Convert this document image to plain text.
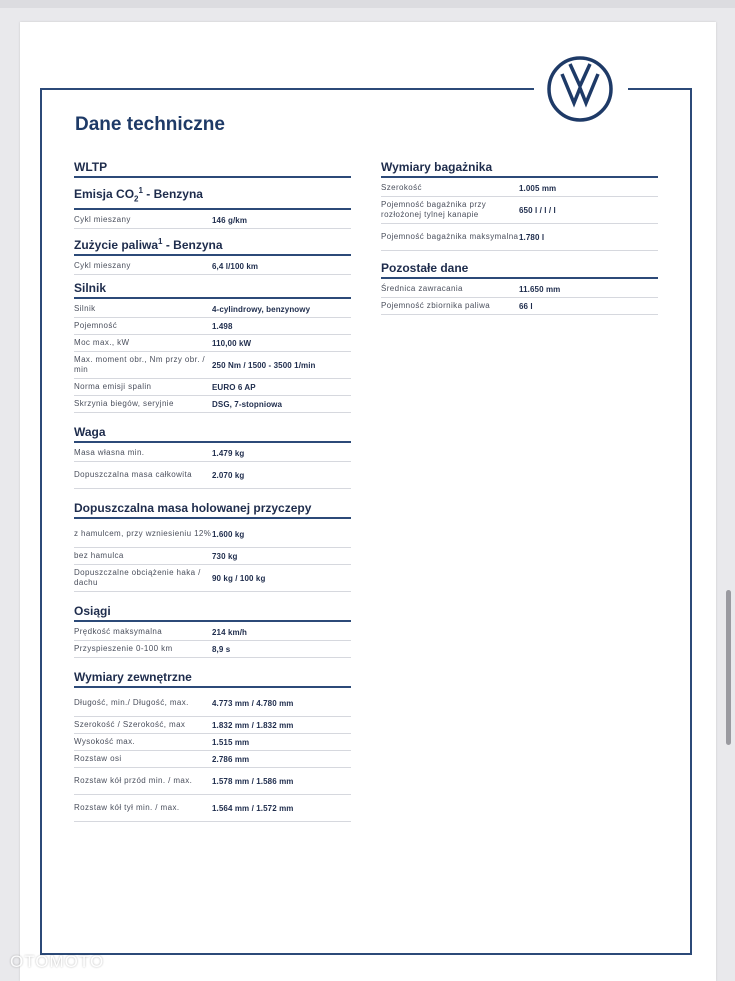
Dane techniczne
WLTP
Emisja $CO_2^1$ - Benzyna
Cykl mieszany	146 g/km
Zużycie paliwa$^1$ - Benzyna
Cykl mieszany	6,4 l/100 km
Silnik
Silnik	4-cylindrowy, benzynowy
Pojemność	1.498
Moc max., kW	110,00 kW
Max. moment obr., Nm przy obr. / min	250 Nm / 1500 - 3500 1/min
Norma emisji spalin	EURO 6 AP
Skrzynia biegów, seryjnie	DSG, 7-stopniowa
Waga
Masa własna min.	1.479 kg
Dopuszczalna masa całkowita	2.070 kg
Dopuszczalna masa holowanej przyczepy
z hamulcem, przy wzniesieniu 12% 1.600 kg
bez hamulca	730 kg
Dopuszczalne obciążenie haka / dachu	90 kg / 100 kg
Osiągi
Prędkość maksymalna	214 km/h
Przyspieszenie 0-100 km	8,9 s
Wymiary zewnętrzne
Długość, min./ Długość, max.	4.773 mm / 4.780 mm
Szerokość / Szerokość, max	1.832 mm / 1.832 mm
Wysokość max.	1.515 mm
Rozstaw osi	2.786 mm
Rozstaw kół przód min. / max.	1.578 mm / 1.586 mm
Rozstaw kół tył min. / max.	1.564 mm / 1.572 mm
Wymiary bagażnika
Szerokość	1.005 mm
Pojemność bagażnika przy rozłożonej tylnej kanapie	650 l / l / l
Pojemność bagażnika maksymalna 1.780 l
Pozostałe dane
Średnica zawracania	11.650 mm
Pojemność zbiornika paliwa	66 l
OTOMOTO
